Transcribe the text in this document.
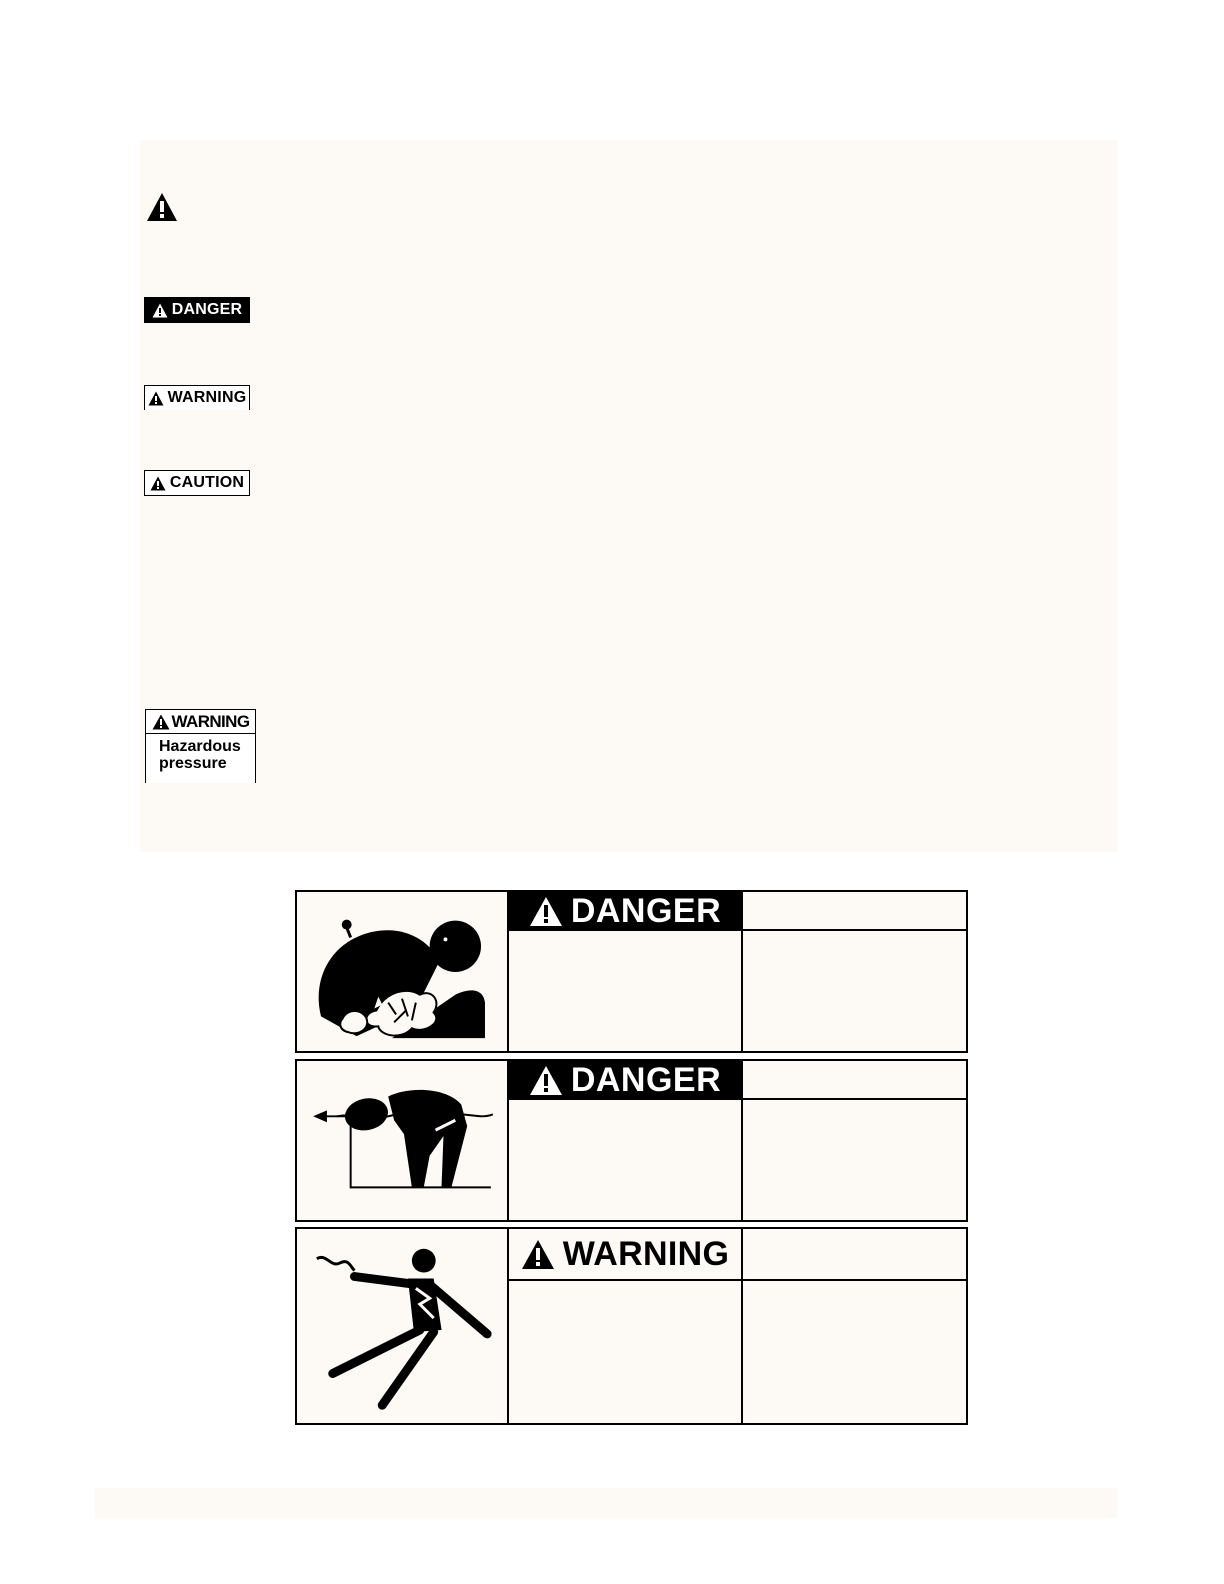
DANGER
WARNING
CAUTION
WARNING
Hazardous
pressure
DANGER
DANGER
WARNING
